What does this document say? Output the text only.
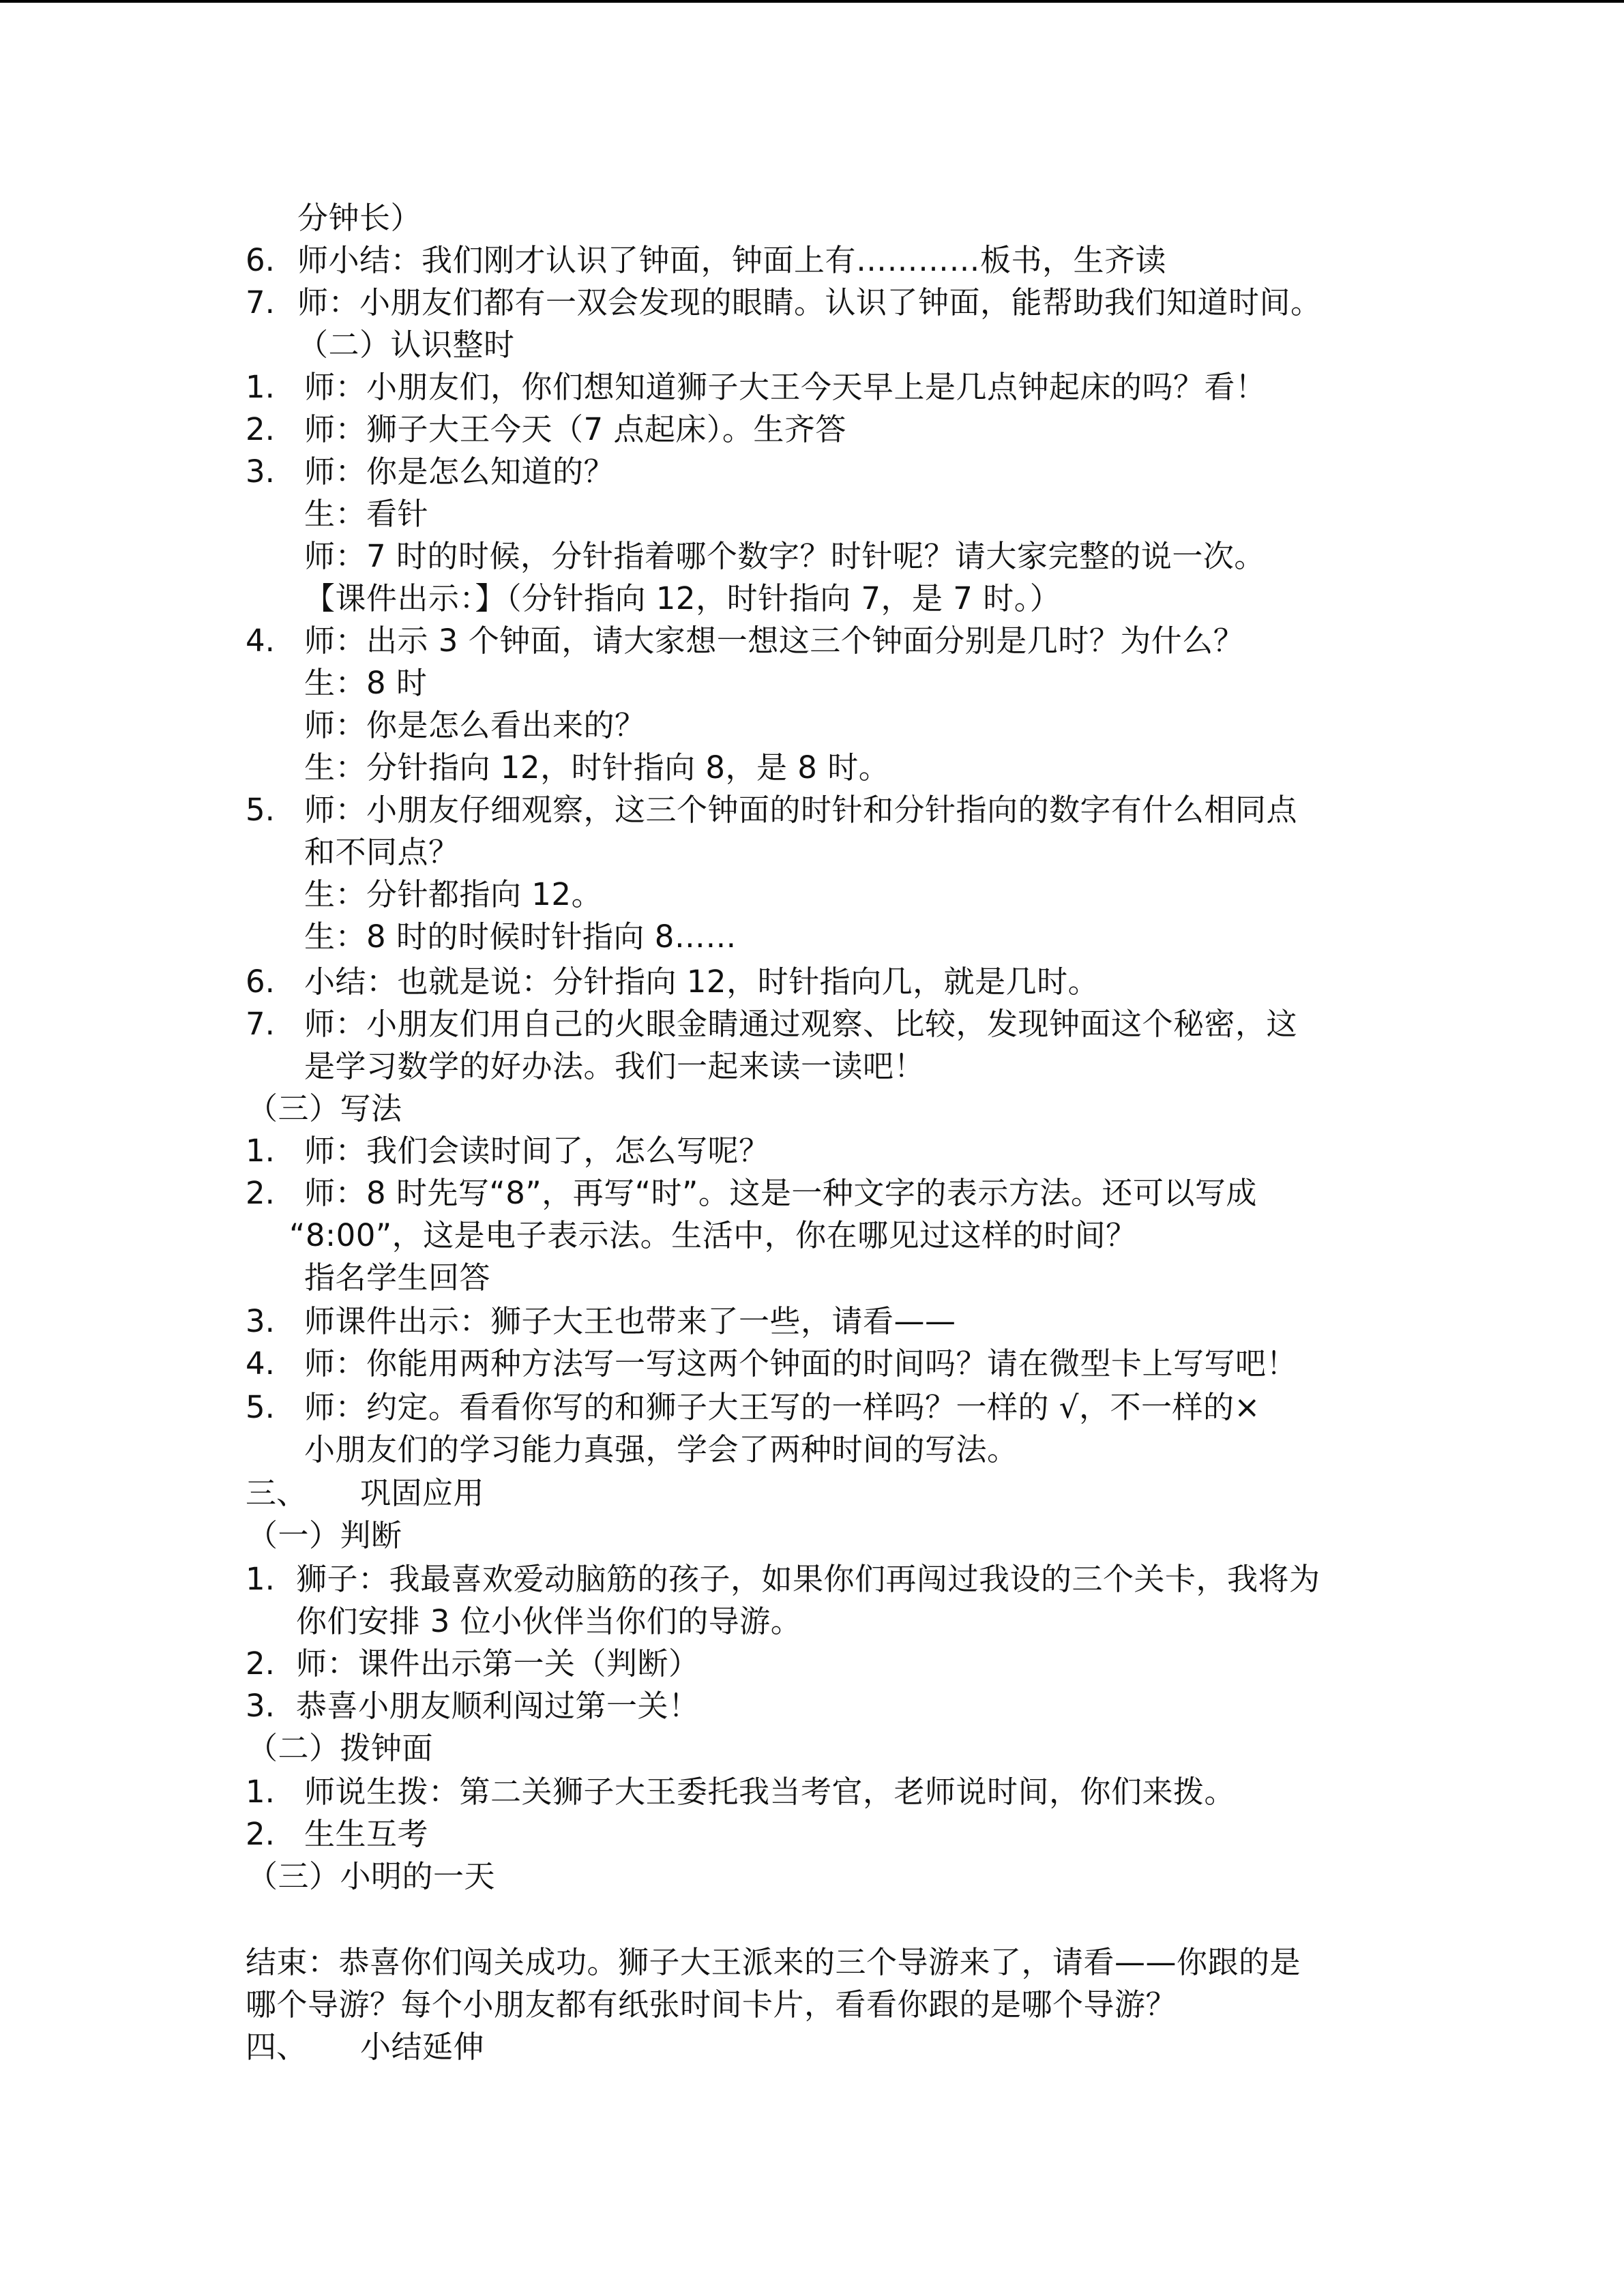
分钟长）
6. 师小结：我们刚才认识了钟面，钟面上有…………板书，生齐读
7. 师：小朋友们都有一双会发现的眼睛。认识了钟面，能帮助我们知道时间。
（二）认识整时
1. 师：小朋友们，你们想知道狮子大王今天早上是几点钟起床的吗？看！
2. 师：狮子大王今天（7 点起床）。生齐答
3. 师：你是怎么知道的？
生：看针
师：7 时的时候，分针指着哪个数字？时针呢？请大家完整的说一次。
【课件出示：】（分针指向 12，时针指向 7，是 7 时。）
4. 师：出示 3 个钟面，请大家想一想这三个钟面分别是几时？为什么？
生：8 时
师：你是怎么看出来的？
生：分针指向 12，时针指向 8，是 8 时。
5. 师：小朋友仔细观察，这三个钟面的时针和分针指向的数字有什么相同点
和不同点？
生：分针都指向 12。
生：8 时的时候时针指向 8……
6. 小结：也就是说：分针指向 12，时针指向几，就是几时。
7. 师：小朋友们用自己的火眼金睛通过观察、比较，发现钟面这个秘密，这
是学习数学的好办法。我们一起来读一读吧！
（三）写法
1. 师：我们会读时间了，怎么写呢？
2. 师：8 时先写“8”，再写“时”。这是一种文字的表示方法。还可以写成
“8:00”，这是电子表示法。生活中，你在哪见过这样的时间？
指名学生回答
3. 师课件出示：狮子大王也带来了一些，请看——
4. 师：你能用两种方法写一写这两个钟面的时间吗？请在微型卡上写写吧！
5. 师：约定。看看你写的和狮子大王写的一样吗？一样的 √，不一样的×
小朋友们的学习能力真强，学会了两种时间的写法。
三、 巩固应用
（一）判断
1. 狮子：我最喜欢爱动脑筋的孩子，如果你们再闯过我设的三个关卡，我将为
你们安排 3 位小伙伴当你们的导游。
2. 师：课件出示第一关（判断）
3. 恭喜小朋友顺利闯过第一关！
（二）拨钟面
1. 师说生拨：第二关狮子大王委托我当考官，老师说时间，你们来拨。
2. 生生互考
（三）小明的一天
结束：恭喜你们闯关成功。狮子大王派来的三个导游来了，请看——你跟的是
哪个导游？每个小朋友都有纸张时间卡片，看看你跟的是哪个导游？
四、 小结延伸
